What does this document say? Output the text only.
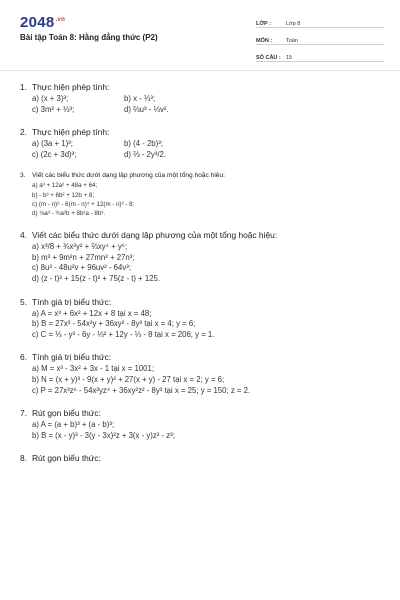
$2048^{.vn}$
Bài tập Toán 8: Hằng đẳng thức (P2)
LỚP :	Lớp 8
MÔN :	Toán
SỐ CÂU : 15
1. Thực hiện phép tính:
a) (x + 3)³;	b) x - ⅓³;
c) 3m² + ⅓³;	d) ⅔u³ - ⅓v².
2. Thực hiện phép tính:
a) (3a + 1)³;	b) (4 - 2b)³;
c) (2c + 3d)³;	d) ⅔ - 2y³/2.
3. Viết các biểu thức dưới dạng lập phương của một tổng hoặc hiệu:
a) a³ + 12a² + 48a + 64;
b) - b³ + 6b² + 12b + 8;
c) (m - n)⁶ - 6(m - n)⁴ + 12(m - n)² - 8;
d) ⅛a³ - ¾a²b + 8b²a - 8b³.
4. Viết các biểu thức dưới dạng lập phương của một tổng hoặc hiệu:
a) x³/8 + ¾x²y² + ⅔xy⁴ + y⁶;
b) m³ + 9m²n + 27mn² + 27n³;
c) 8u³ - 48u²v + 96uv² - 64v³;
d) (z - t)³ + 15(z - t)² + 75(z - t) + 125.
5. Tính giá trị biểu thức:
a) A = x³ + 6x² + 12x + 8 tại x = 48;
b) B = 27x³ - 54x²y + 36xy² - 8y³ tại x = 4; y = 6;
c) C = ⅓ - y³ - 6y - ⅓² + 12y - ⅓ - 8 tại x = 206; y = 1.
6. Tính giá trị biểu thức:
a) M = x³ - 3x² + 3x - 1 tại x = 1001;
b) N = (x + y)³ - 9(x + y)² + 27(x + y) - 27 tại x = 2; y = 6;
c) P = 27x³z⁶ - 54x²yz⁴ + 36xy²z² - 8y³ tại x = 25; y = 150; z = 2.
7. Rút gọn biểu thức:
a) A = (a + b)³ + (a - b)³;
b) B = (x - y)³ - 3(y - 3x)²z + 3(x - y)z² - z³;
8. Rút gọn biểu thức:
